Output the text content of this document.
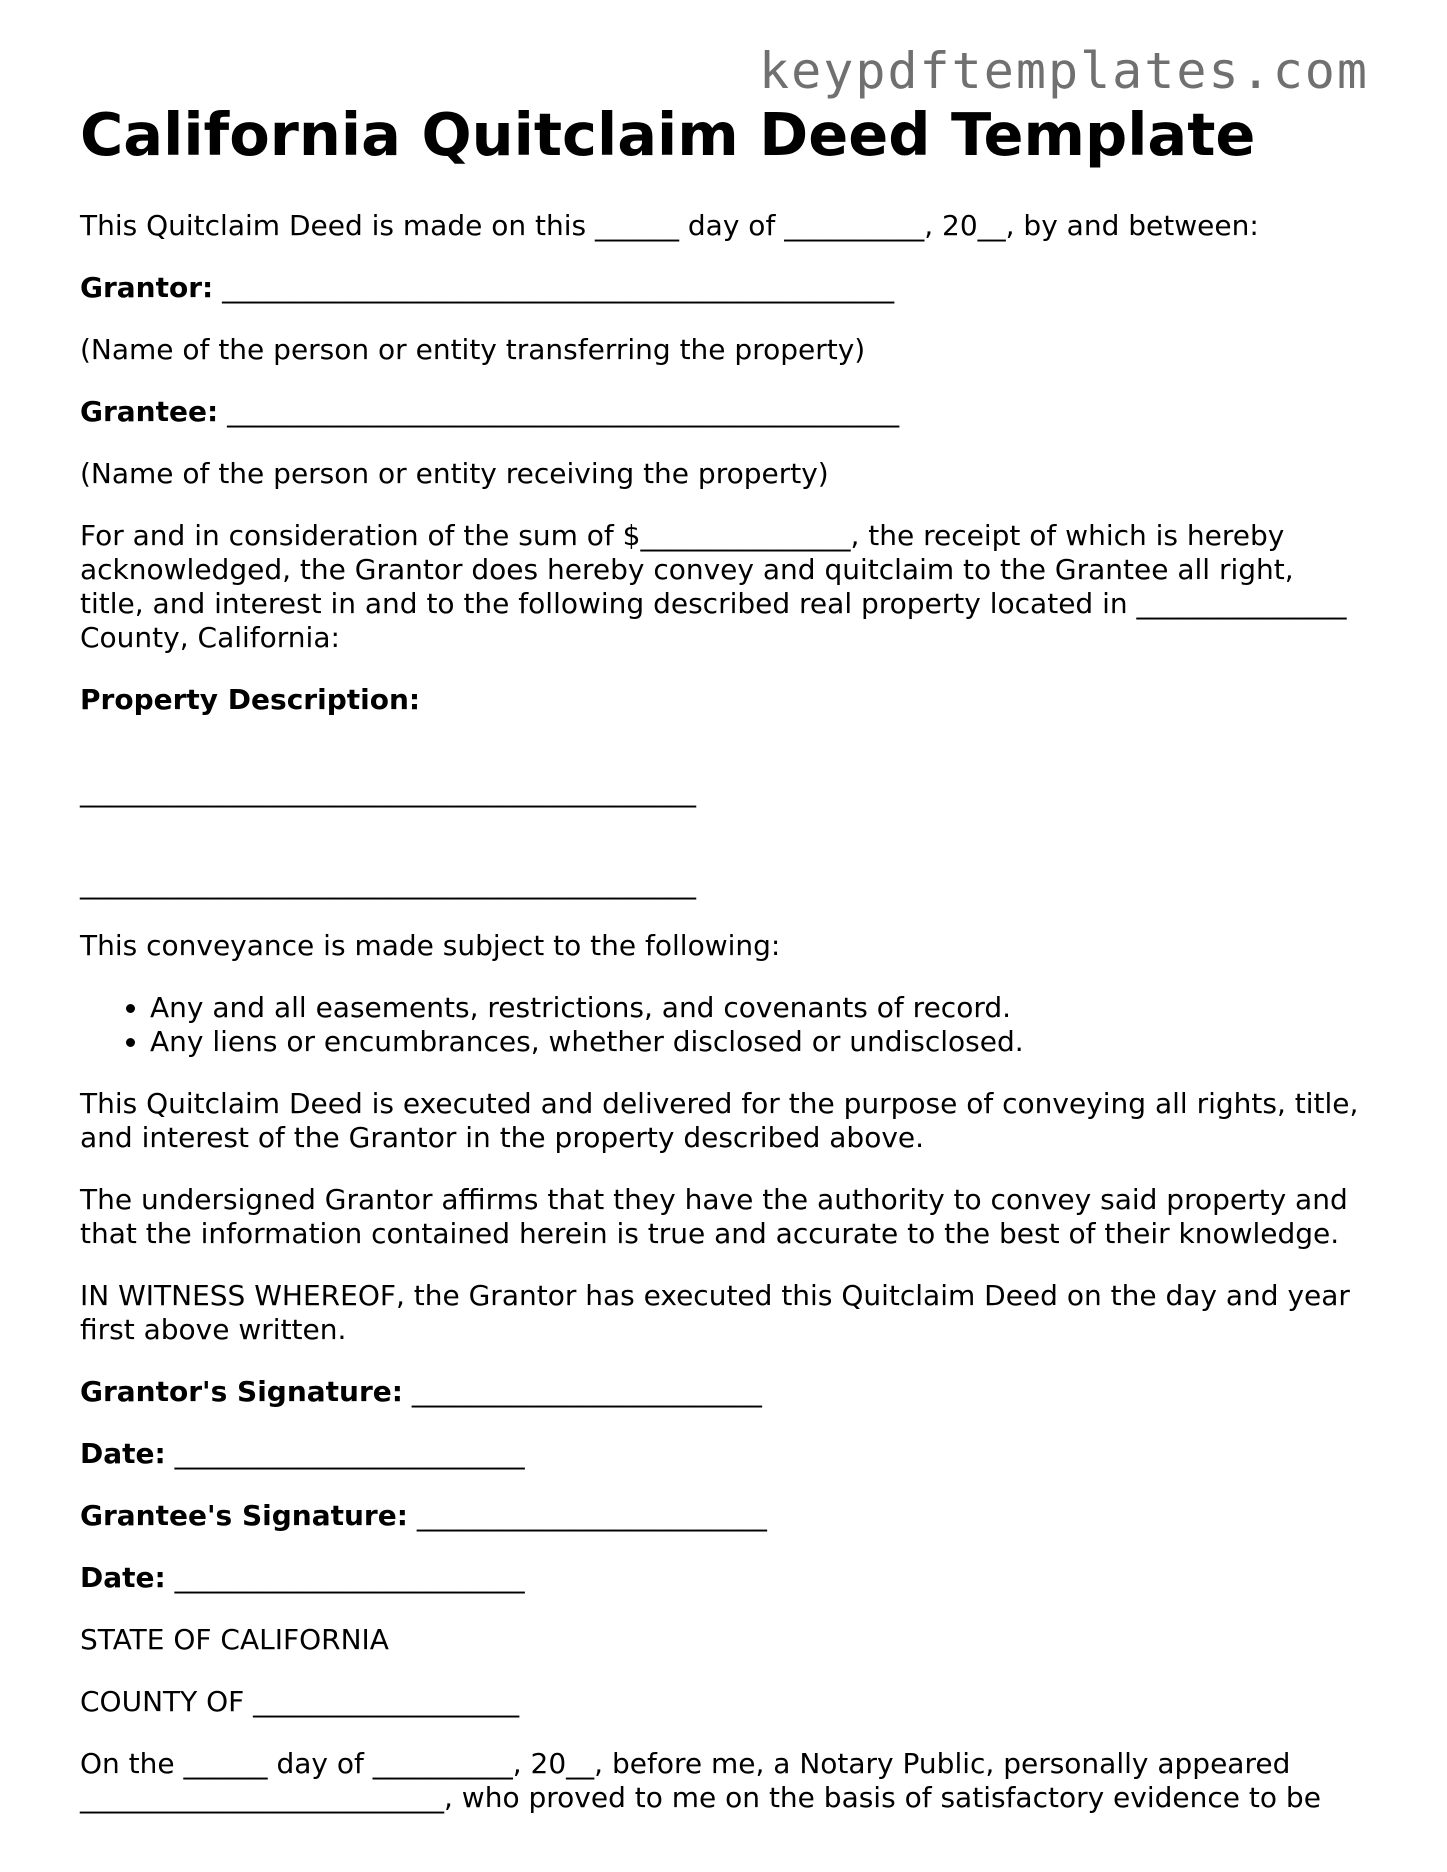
keypdftemplates.com
California Quitclaim Deed Template

This Quitclaim Deed is made on this ______ day of __________, 20__, by and between:

Grantor: ________________________________________________

(Name of the person or entity transferring the property)

Grantee: ________________________________________________

(Name of the person or entity receiving the property)

For and in consideration of the sum of $_______________, the receipt of which is hereby
acknowledged, the Grantor does hereby convey and quitclaim to the Grantee all right,
title, and interest in and to the following described real property located in _______________
County, California:

Property Description:

____________________________________________

____________________________________________

This conveyance is made subject to the following:

• Any and all easements, restrictions, and covenants of record.
• Any liens or encumbrances, whether disclosed or undisclosed.

This Quitclaim Deed is executed and delivered for the purpose of conveying all rights, title,
and interest of the Grantor in the property described above.

The undersigned Grantor affirms that they have the authority to convey said property and
that the information contained herein is true and accurate to the best of their knowledge.

IN WITNESS WHEREOF, the Grantor has executed this Quitclaim Deed on the day and year
first above written.

Grantor's Signature: _________________________

Date: _________________________

Grantee's Signature: _________________________

Date: _________________________

STATE OF CALIFORNIA

COUNTY OF ___________________

On the ______ day of __________, 20__, before me, a Notary Public, personally appeared
__________________________, who proved to me on the basis of satisfactory evidence to be
